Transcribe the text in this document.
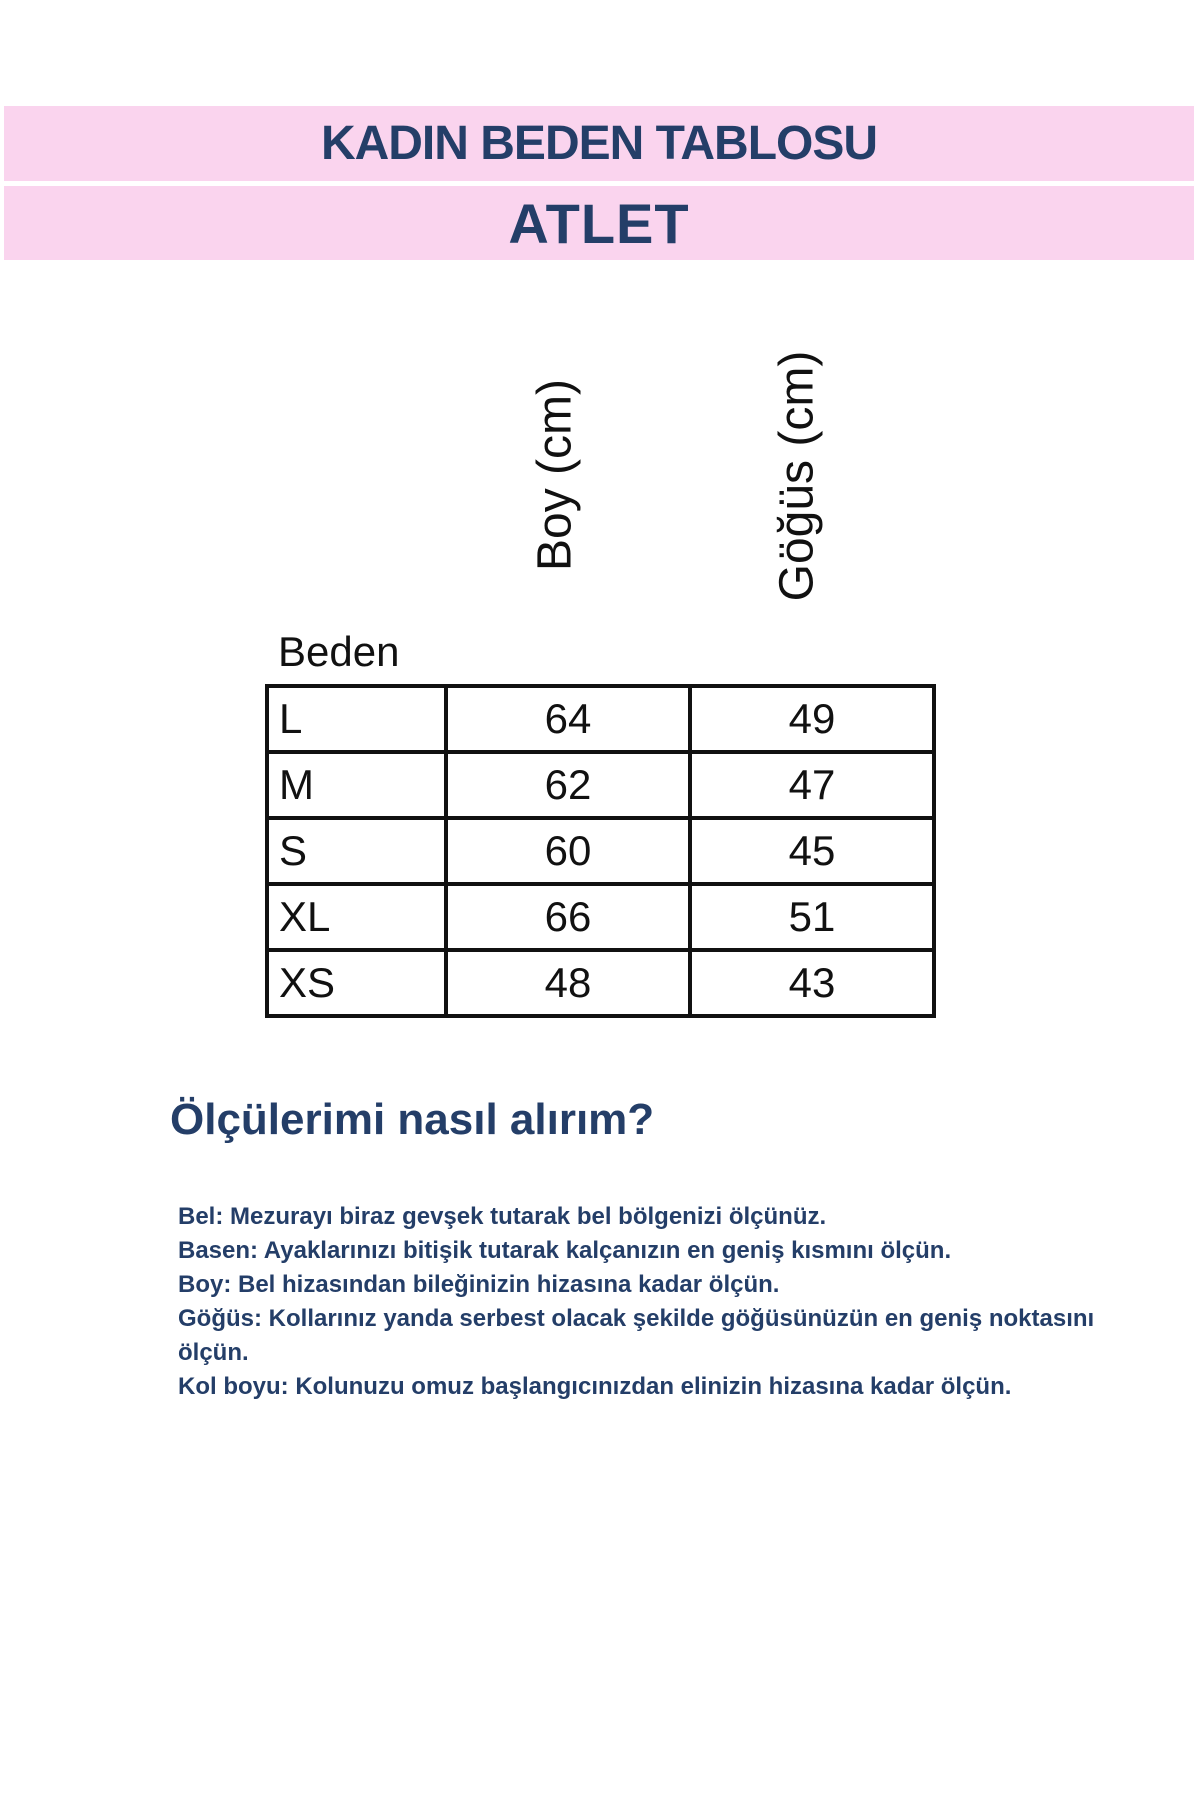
KADIN BEDEN TABLOSU
ATLET
Boy (cm)	Göğüs (cm)
Beden
L	64	49
M	62	47
S	60	45
XL	66	51
XS	48	43
Ölçülerimi nasıl alırım?

Bel: Mezurayı biraz gevşek tutarak bel bölgenizi ölçünüz.

Basen: Ayaklarınızı bitişik tutarak kalçanızın en geniş kısmını ölçün.

Boy: Bel hizasından bileğinizin hizasına kadar ölçün.

Göğüs: Kollarınız yanda serbest olacak şekilde göğüsünüzün en geniş noktasını ölçün.

Kol boyu: Kolunuzu omuz başlangıcınızdan elinizin hizasına kadar ölçün.
